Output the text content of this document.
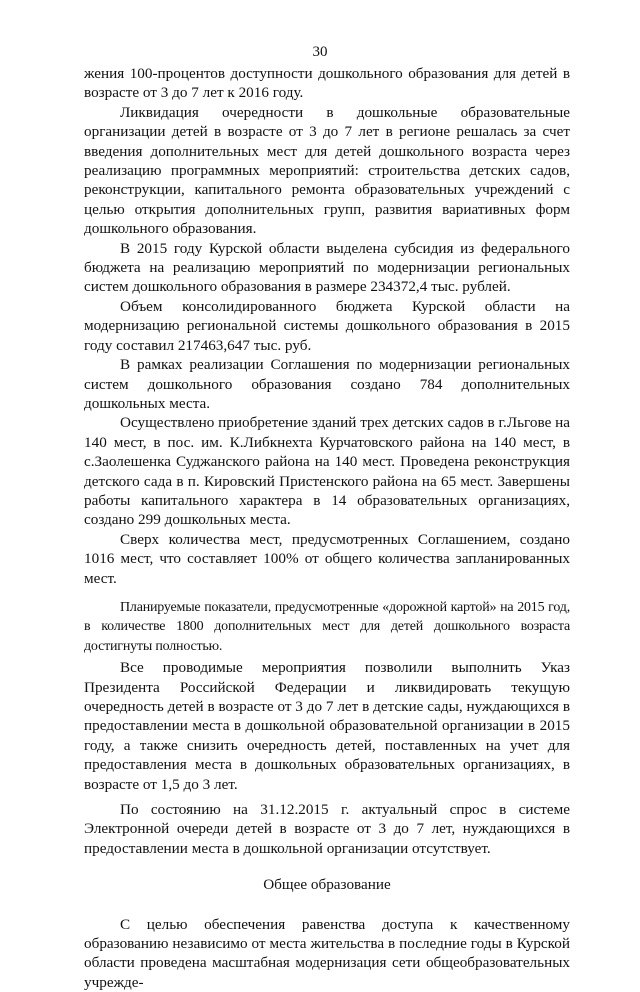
30

жения 100-процентов доступности дошкольного образования для детей в возрасте от 3 до 7 лет к 2016 году.

Ликвидация очередности в дошкольные образовательные организации детей в возрасте от 3 до 7 лет в регионе решалась за счет введения дополнительных мест для детей дошкольного возраста через реализацию программных мероприятий: строительства детских садов, реконструкции, капитального ремонта образовательных учреждений с целью открытия дополнительных групп, развития вариативных форм дошкольного образования.

В 2015 году Курской области выделена субсидия из федерального бюджета на реализацию мероприятий по модернизации региональных систем дошкольного образования в размере 234372,4 тыс. рублей.

Объем консолидированного бюджета Курской области на модернизацию региональной системы дошкольного образования в 2015 году составил 217463,647 тыс. руб.

В рамках реализации Соглашения по модернизации региональных систем дошкольного образования создано 784 дополнительных дошкольных места.

Осуществлено приобретение зданий трех детских садов в г.Льгове на 140 мест, в пос. им. К.Либкнехта Курчатовского района на 140 мест, в с.Заолешенка Суджанского района на 140 мест. Проведена реконструкция детского сада в п. Кировский Пристенского района на 65 мест. Завершены работы капитального характера в 14 образовательных организациях, создано 299 дошкольных места.

Сверх количества мест, предусмотренных Соглашением, создано 1016 мест, что составляет 100% от общего количества запланированных мест.

Планируемые показатели, предусмотренные «дорожной картой» на 2015 год, в количестве 1800 дополнительных мест для детей дошкольного возраста достигнуты полностью.

Все проводимые мероприятия позволили выполнить Указ Президента Российской Федерации и ликвидировать текущую очередность детей в возрасте от 3 до 7 лет в детские сады, нуждающихся в предоставлении места в дошкольной образовательной организации в 2015 году, а также снизить очередность детей, поставленных на учет для предоставления места в дошкольных образовательных организациях, в возрасте от 1,5 до 3 лет.

По состоянию на 31.12.2015 г. актуальный спрос в системе Электронной очереди детей в возрасте от 3 до 7 лет, нуждающихся в предоставлении места в дошкольной организации отсутствует.

Общее образование

С целью обеспечения равенства доступа к качественному образованию независимо от места жительства в последние годы в Курской области проведена масштабная модернизация сети общеобразовательных учрежде-
